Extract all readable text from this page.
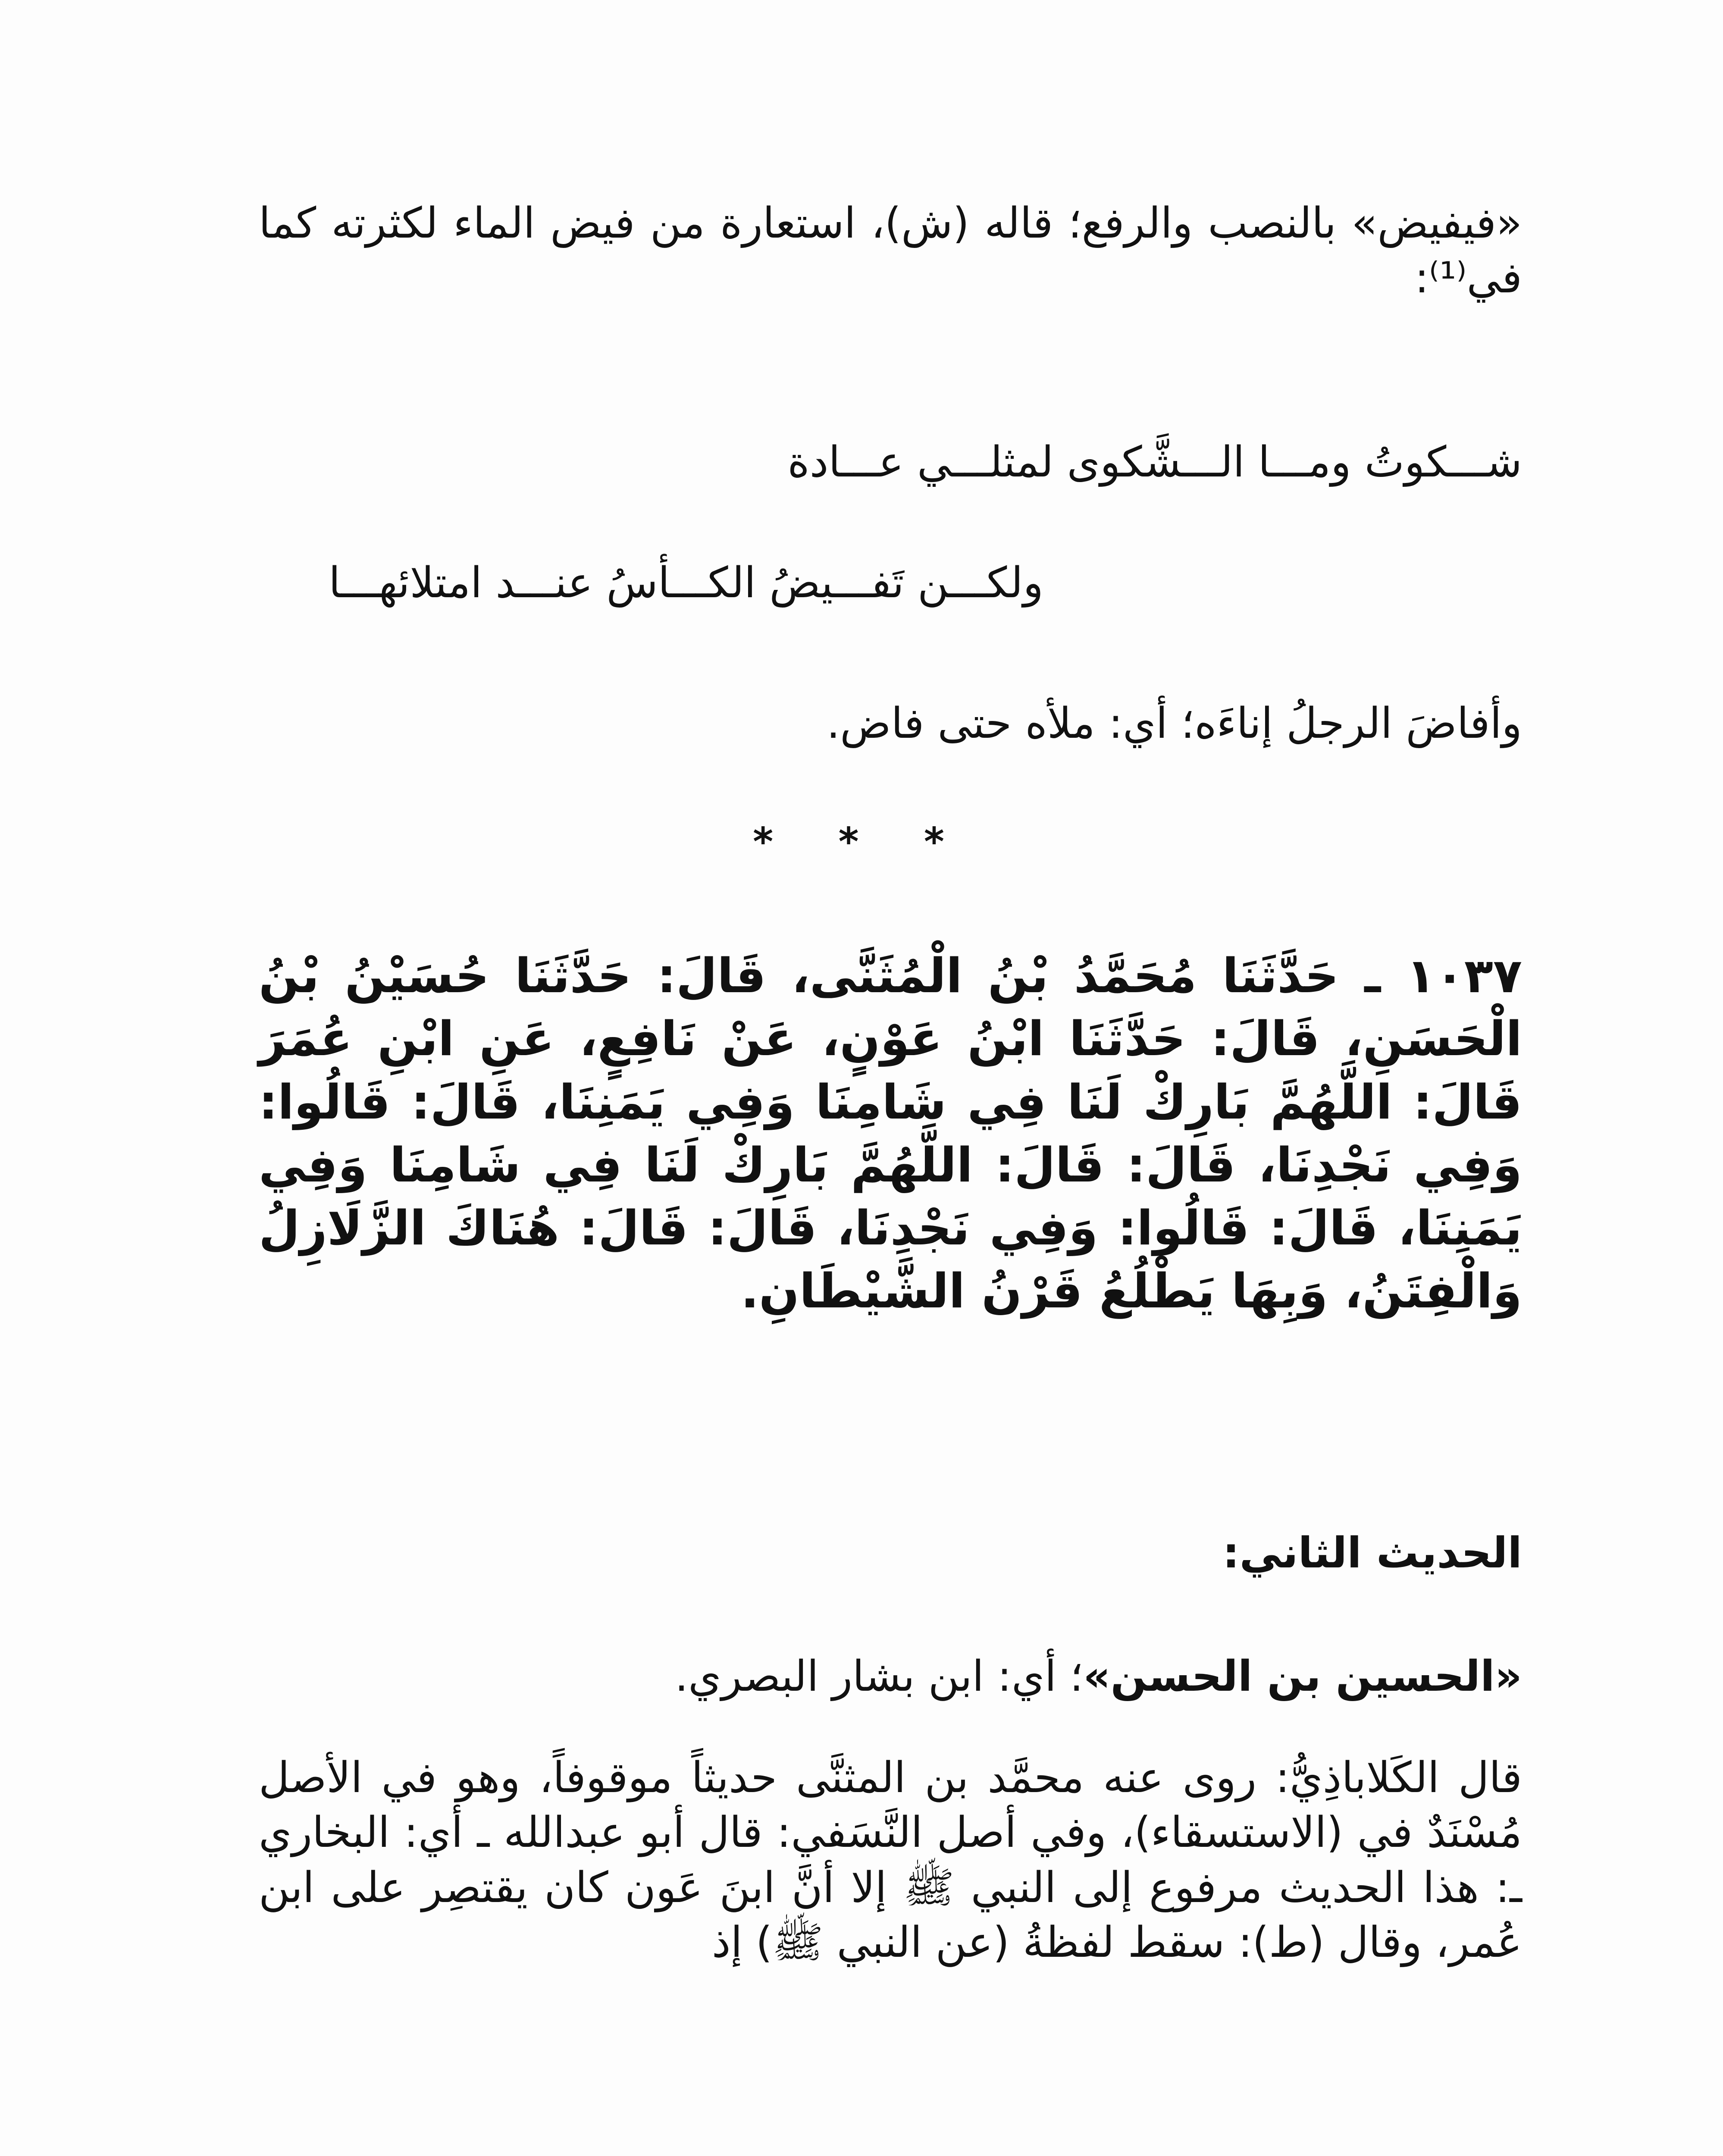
«فيفيض» بالنصب والرفع؛ قاله (ش)، استعارة من فيض الماء لكثرته كما في⁽¹⁾:

شـــكوتُ ومـــا الـــشَّكوى لمثلـــي عـــادة
ولكـــن تَفـــيضُ الكـــأسُ عنـــد امتلائهـــا

وأفاضَ الرجلُ إناءَه؛ أي: ملأه حتى فاض.

* * *

١٠٣٧ ـ حَدَّثَنَا مُحَمَّدُ بْنُ الْمُثَنَّى، قَالَ: حَدَّثَنَا حُسَيْنُ بْنُ الْحَسَنِ، قَالَ: حَدَّثَنَا ابْنُ عَوْنٍ، عَنْ نَافِعٍ، عَنِ ابْنِ عُمَرَ قَالَ: اللَّهُمَّ بَارِكْ لَنَا فِي شَامِنَا وَفِي يَمَنِنَا، قَالَ: قَالُوا: وَفِي نَجْدِنَا، قَالَ: قَالَ: اللَّهُمَّ بَارِكْ لَنَا فِي شَامِنَا وَفِي يَمَنِنَا، قَالَ: قَالُوا: وَفِي نَجْدِنَا، قَالَ: قَالَ: هُنَاكَ الزَّلَازِلُ وَالْفِتَنُ، وَبِهَا يَطْلُعُ قَرْنُ الشَّيْطَانِ.

الحديث الثاني:

«الحسين بن الحسن»؛ أي: ابن بشار البصري.

قال الكَلاباذِيُّ: روى عنه محمَّد بن المثنَّى حديثاً موقوفاً، وهو في الأصل مُسْنَدٌ في (الاستسقاء)، وفي أصل النَّسَفي: قال أبو عبدالله ـ أي: البخاري ـ: هذا الحديث مرفوع إلى النبي ﷺ إلا أنَّ ابنَ عَون كان يقتصِر على ابن عُمر، وقال (ط): سقط لفظةُ (عن النبي ﷺ) إذ
